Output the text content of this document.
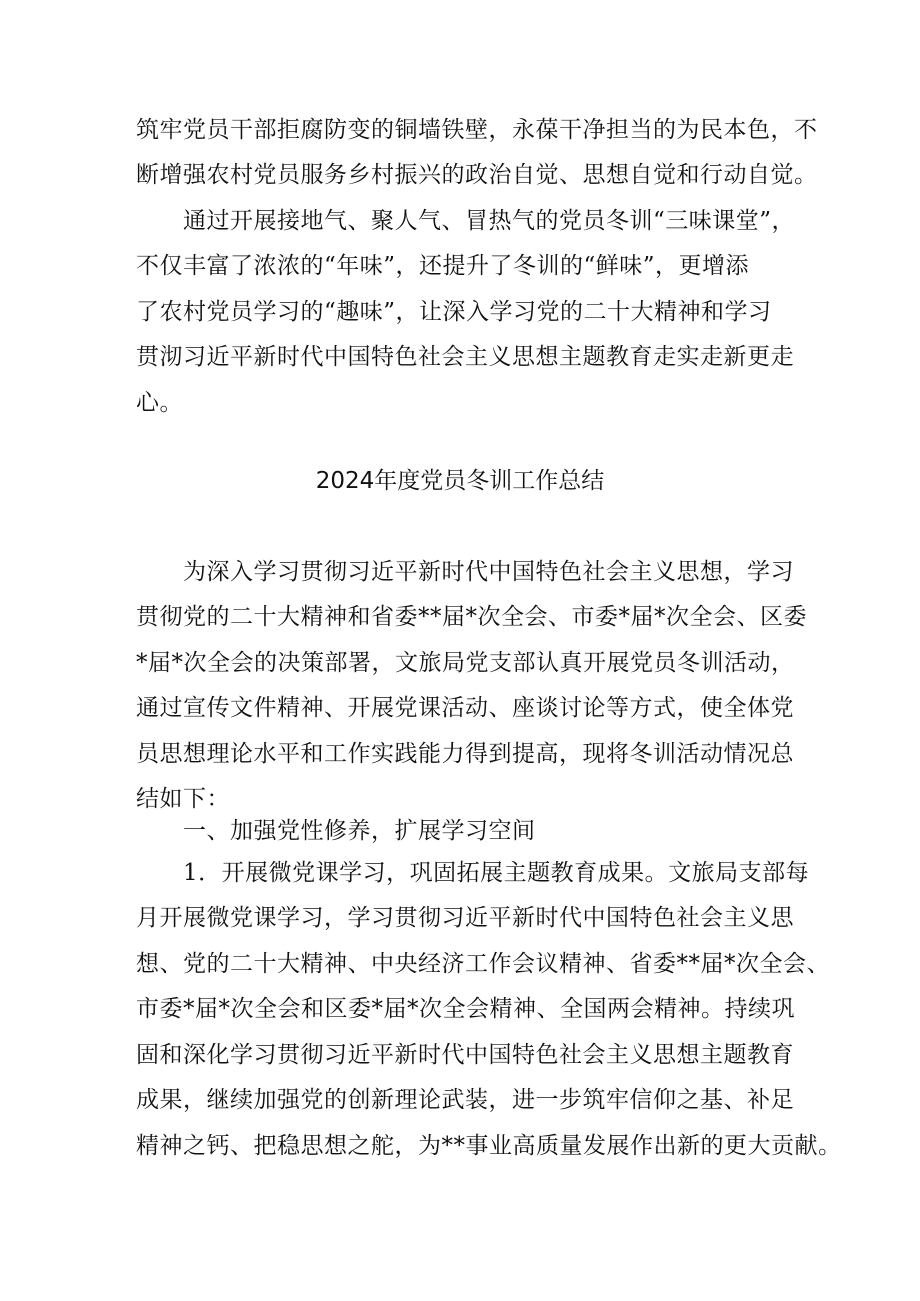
筑牢党员干部拒腐防变的铜墙铁壁，永葆干净担当的为民本色，不
断增强农村党员服务乡村振兴的政治自觉、思想自觉和行动自觉。
通过开展接地气、聚人气、冒热气的党员冬训“三味课堂”，
不仅丰富了浓浓的“年味”，还提升了冬训的“鲜味”，更增添
了农村党员学习的“趣味”，让深入学习党的二十大精神和学习
贯沏习近平新时代中国特色社会主义思想主题教育走实走新更走
心。
2024年度党员冬训工作总结
为深入学习贯彻习近平新时代中国特色社会主义思想，学习
贯彻党的二十大精神和省委**届*次全会、市委*届*次全会、区委
*届*次全会的决策部署，文旅局党支部认真开展党员冬训活动，
通过宣传文件精神、开展党课活动、座谈讨论等方式，使全体党
员思想理论水平和工作实践能力得到提高，现将冬训活动情况总
结如下：
一、加强党性修养，扩展学习空间
1．开展微党课学习，巩固拓展主题教育成果。文旅局支部每
月开展微党课学习，学习贯彻习近平新时代中国特色社会主义思
想、党的二十大精神、中央经济工作会议精神、省委**届*次全会、
市委*届*次全会和区委*届*次全会精神、全国两会精神。持续巩
固和深化学习贯彻习近平新时代中国特色社会主义思想主题教育
成果，继续加强党的创新理论武装，进一步筑牢信仰之基、补足
精神之钙、把稳思想之舵，为**事业高质量发展作出新的更大贡献。
